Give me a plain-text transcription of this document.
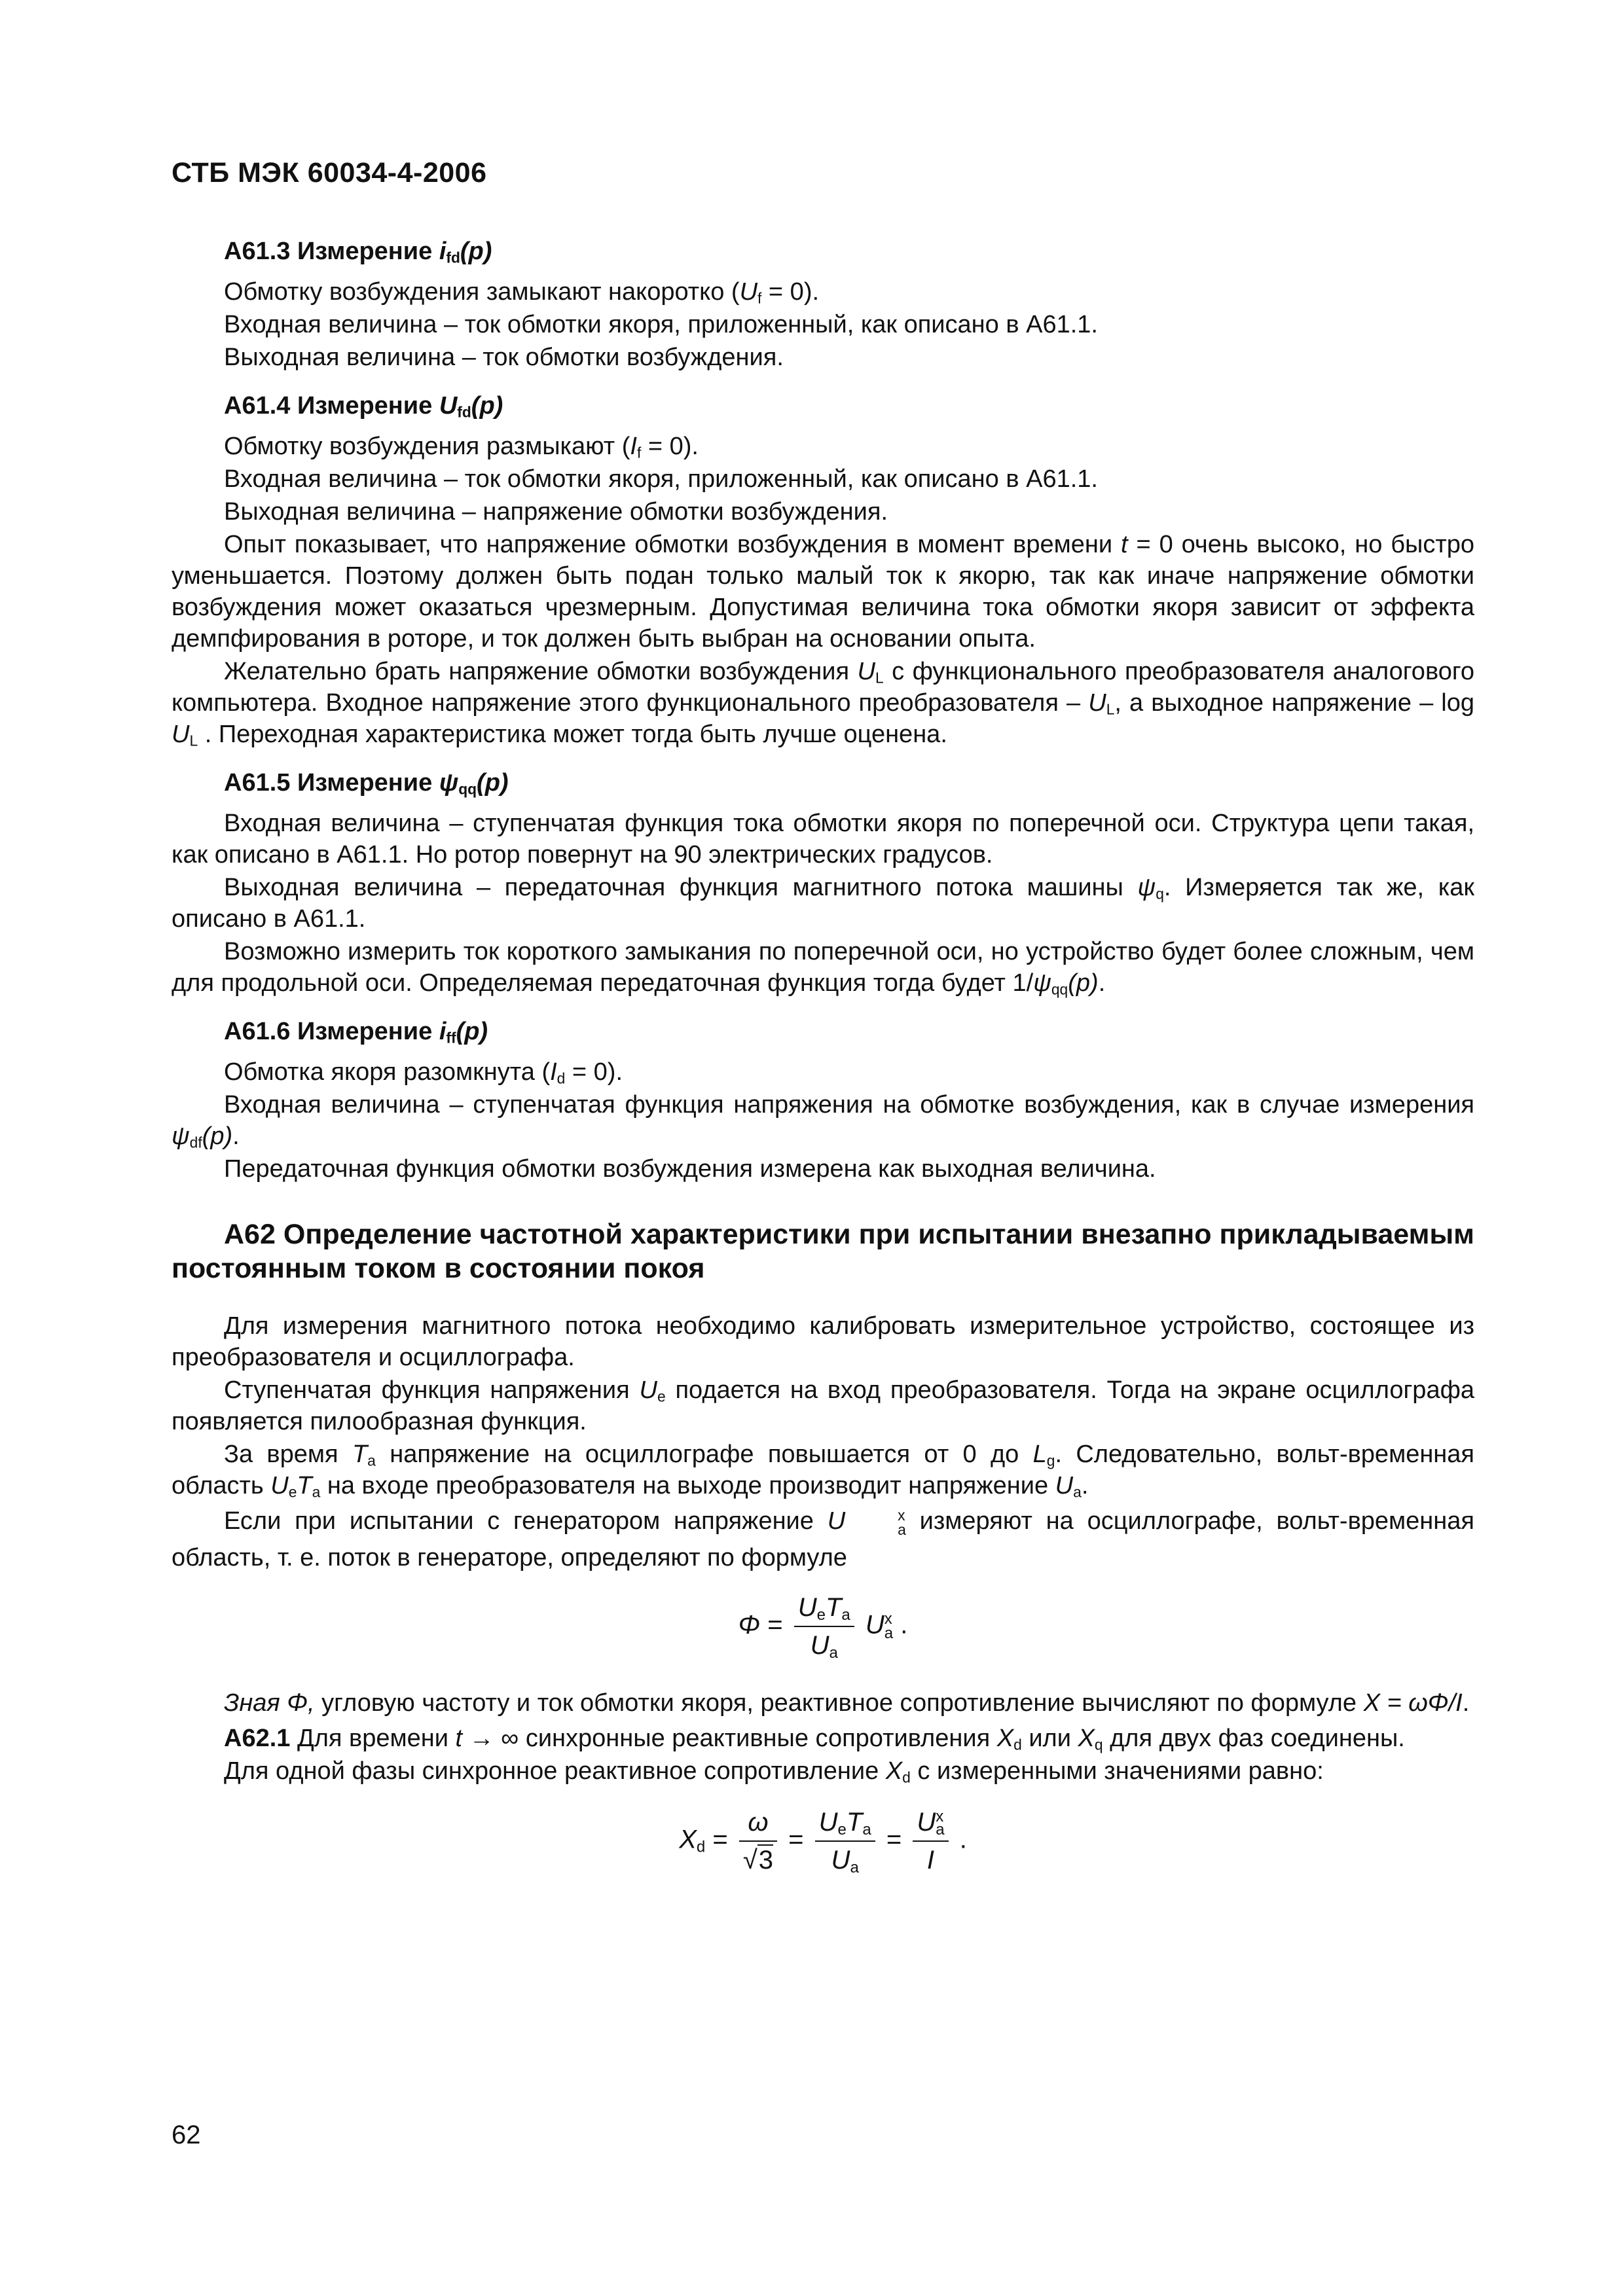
СТБ МЭК 60034-4-2006
А61.3 Измерение $i_{fd}(p)$

Обмотку возбуждения замыкают накоротко $(U_f = 0)$.

Входная величина – ток обмотки якоря, приложенный, как описано в А61.1.

Выходная величина – ток обмотки возбуждения.

А61.4 Измерение $U_{fd}(p)$

Обмотку возбуждения размыкают $(I_f = 0)$.

Входная величина – ток обмотки якоря, приложенный, как описано в А61.1.

Выходная величина – напряжение обмотки возбуждения.

Опыт показывает, что напряжение обмотки возбуждения в момент времени t = 0 очень высоко, но быстро уменьшается. Поэтому должен быть подан только малый ток к якорю, так как иначе напряжение обмотки возбуждения может оказаться чрезмерным. Допустимая величина тока обмотки якоря зависит от эффекта демпфирования в роторе, и ток должен быть выбран на основании опыта.

Желательно брать напряжение обмотки возбуждения $U_L$ с функционального преобразователя аналогового компьютера. Входное напряжение этого функционального преобразователя – $U_L$, а выходное напряжение – $\log U_L$ . Переходная характеристика может тогда быть лучше оценена.

А61.5 Измерение $\psi_{qq}(p)$

Входная величина – ступенчатая функция тока обмотки якоря по поперечной оси. Структура цепи такая, как описано в А61.1. Но ротор повернут на 90 электрических градусов.

Выходная величина – передаточная функция магнитного потока машины $\psi_q$. Измеряется так же, как описано в А61.1.

Возможно измерить ток короткого замыкания по поперечной оси, но устройство будет более сложным, чем для продольной оси. Определяемая передаточная функция тогда будет $1/\psi_{qq}(p)$.

А61.6 Измерение $i_{ff}(p)$

Обмотка якоря разомкнута $(I_d = 0)$.

Входная величина – ступенчатая функция напряжения на обмотке возбуждения, как в случае измерения $\psi_{df}(p)$.

Передаточная функция обмотки возбуждения измерена как выходная величина.

А62 Определение частотной характеристики при испытании внезапно прикладываемым постоянным током в состоянии покоя

Для измерения магнитного потока необходимо калибровать измерительное устройство, состоящее из преобразователя и осциллографа.

Ступенчатая функция напряжения $U_e$ подается на вход преобразователя. Тогда на экране осциллографа появляется пилообразная функция.

За время $T_a$ напряжение на осциллографе повышается от 0 до $L_g$. Следовательно, вольт-временная область $U_eT_a$ на входе преобразователя на выходе производит напряжение $U_a$.

Если при испытании с генератором напряжение U	x
a измеряют на осциллографе, вольт-временная область, т. е. поток в генераторе, определяют по формуле

$\Phi = \frac{U_eT_a}{U_a}$ U x
a .

Зная Φ, угловую частоту и ток обмотки якоря, реактивное сопротивление вычисляют по формуле X = ωΦ/I.

А62.1 Для времени t → ∞ синхронные реактивные сопротивления $X_d$ или $X_q$ для двух фаз соединены.

Для одной фазы синхронное реактивное сопротивление $X_d$ с измеренными значениями равно:

$X_d = \frac{\omega}{√3} = \frac{U_eT_a}{U_a} = U$ x
a
I .
62
